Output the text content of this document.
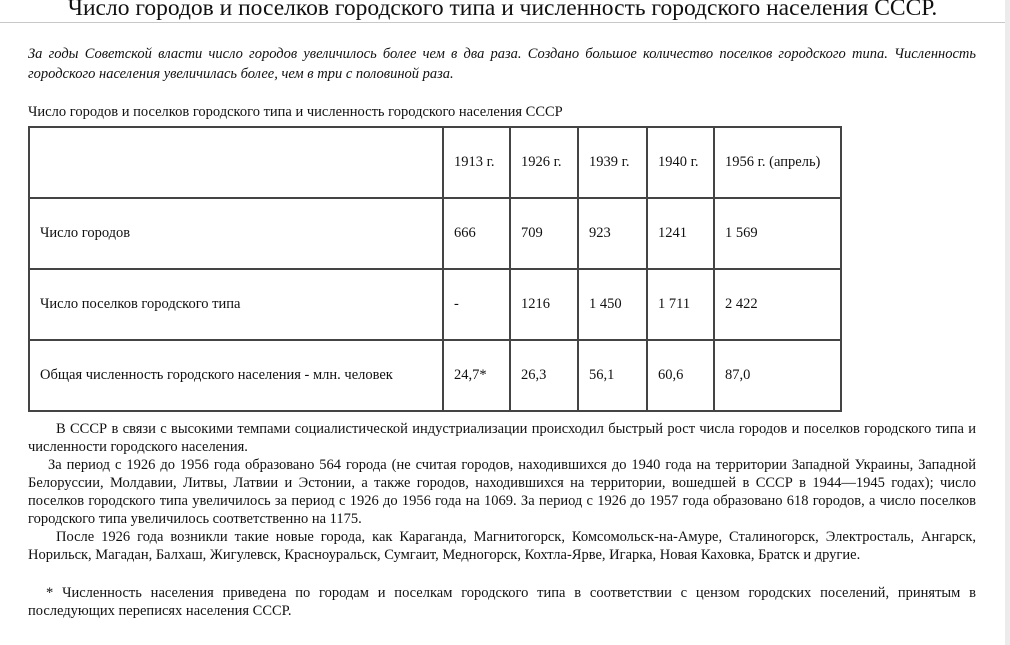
Число городов и поселков городского типа и численность городского населения СССР.
За годы Советской власти число городов увеличилось более чем в два раза. Создано большое количество поселков городского типа. Численность городского населения увеличилась более, чем в три с половиной раза.
Число городов и поселков городского типа и численность городского населения СССР
	1913 г.	1926 г.	1939 г.	1940 г.	1956 г. (апрель)
Число городов	666	709	923	1241	1 569
Число поселков городского типа	-	1216	1 450	1 711	2 422
Общая численность городского населения - млн. человек	24,7*	26,3	56,1	60,6	87,0

В СССР в связи с высокими темпами социалистической индустриализации происходил быстрый рост числа городов и поселков городского типа и численности городского населения.

За период с 1926 до 1956 года образовано 564 города (не считая городов, находившихся до 1940 года на территории Западной Украины, Западной Белоруссии, Молдавии, Литвы, Латвии и Эстонии, а также городов, находившихся на территории, вошедшей в СССР в 1944—1945 годах); число поселков городского типа увеличилось за период с 1926 до 1956 года на 1069. За период с 1926 до 1957 года образовано 618 городов, а число поселков городского типа увеличилось соответственно на 1175.

После 1926 года возникли такие новые города, как Караганда, Магнитогорск, Комсомольск-на-Амуре, Сталиногорск, Электросталь, Ангарск, Норильск, Магадан, Балхаш, Жигулевск, Красноуральск, Сумгаит, Медногорск, Кохтла-Ярве, Игарка, Новая Каховка, Братск и другие.

* Численность населения приведена по городам и поселкам городского типа в соответствии с цензом городских поселений, принятым в последующих переписях населения СССР.
